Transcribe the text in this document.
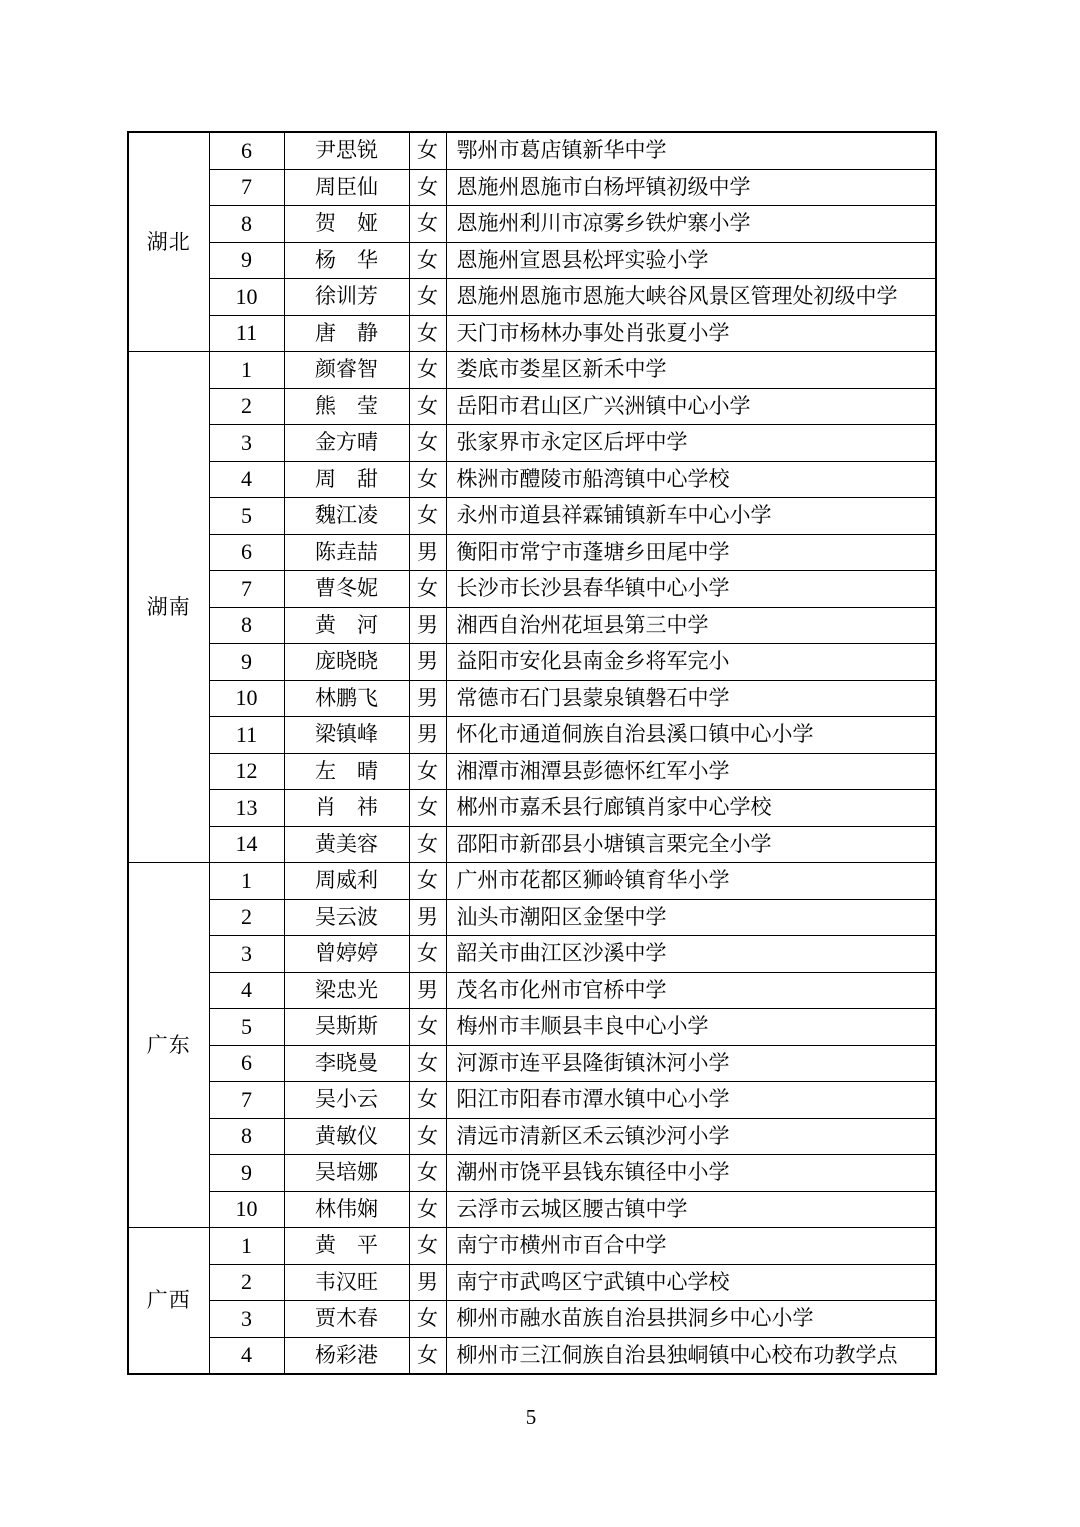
湖北	6	尹思锐	女	鄂州市葛店镇新华中学
	7	周臣仙	女	恩施州恩施市白杨坪镇初级中学
	8	贺　娅	女	恩施州利川市凉雾乡铁炉寨小学
	9	杨　华	女	恩施州宣恩县松坪实验小学
	10	徐训芳	女	恩施州恩施市恩施大峡谷风景区管理处初级中学
	11	唐　静	女	天门市杨林办事处肖张夏小学
湖南	1	颜睿智	女	娄底市娄星区新禾中学
	2	熊　莹	女	岳阳市君山区广兴洲镇中心小学
	3	金方晴	女	张家界市永定区后坪中学
	4	周　甜	女	株洲市醴陵市船湾镇中心学校
	5	魏江凌	女	永州市道县祥霖铺镇新车中心小学
	6	陈垚喆	男	衡阳市常宁市蓬塘乡田尾中学
	7	曹冬妮	女	长沙市长沙县春华镇中心小学
	8	黄　河	男	湘西自治州花垣县第三中学
	9	庞晓晓	男	益阳市安化县南金乡将军完小
	10	林鹏飞	男	常德市石门县蒙泉镇磐石中学
	11	梁镇峰	男	怀化市通道侗族自治县溪口镇中心小学
	12	左　晴	女	湘潭市湘潭县彭德怀红军小学
	13	肖　祎	女	郴州市嘉禾县行廊镇肖家中心学校
	14	黄美容	女	邵阳市新邵县小塘镇言栗完全小学
广东	1	周威利	女	广州市花都区狮岭镇育华小学
	2	吴云波	男	汕头市潮阳区金堡中学
	3	曾婷婷	女	韶关市曲江区沙溪中学
	4	梁忠光	男	茂名市化州市官桥中学
	5	吴斯斯	女	梅州市丰顺县丰良中心小学
	6	李晓曼	女	河源市连平县隆街镇沐河小学
	7	吴小云	女	阳江市阳春市潭水镇中心小学
	8	黄敏仪	女	清远市清新区禾云镇沙河小学
	9	吴培娜	女	潮州市饶平县钱东镇径中小学
	10	林伟娴	女	云浮市云城区腰古镇中学
广西	1	黄　平	女	南宁市横州市百合中学
	2	韦汉旺	男	南宁市武鸣区宁武镇中心学校
	3	贾木春	女	柳州市融水苗族自治县拱洞乡中心小学
	4	杨彩港	女	柳州市三江侗族自治县独峒镇中心校布功教学点
5
